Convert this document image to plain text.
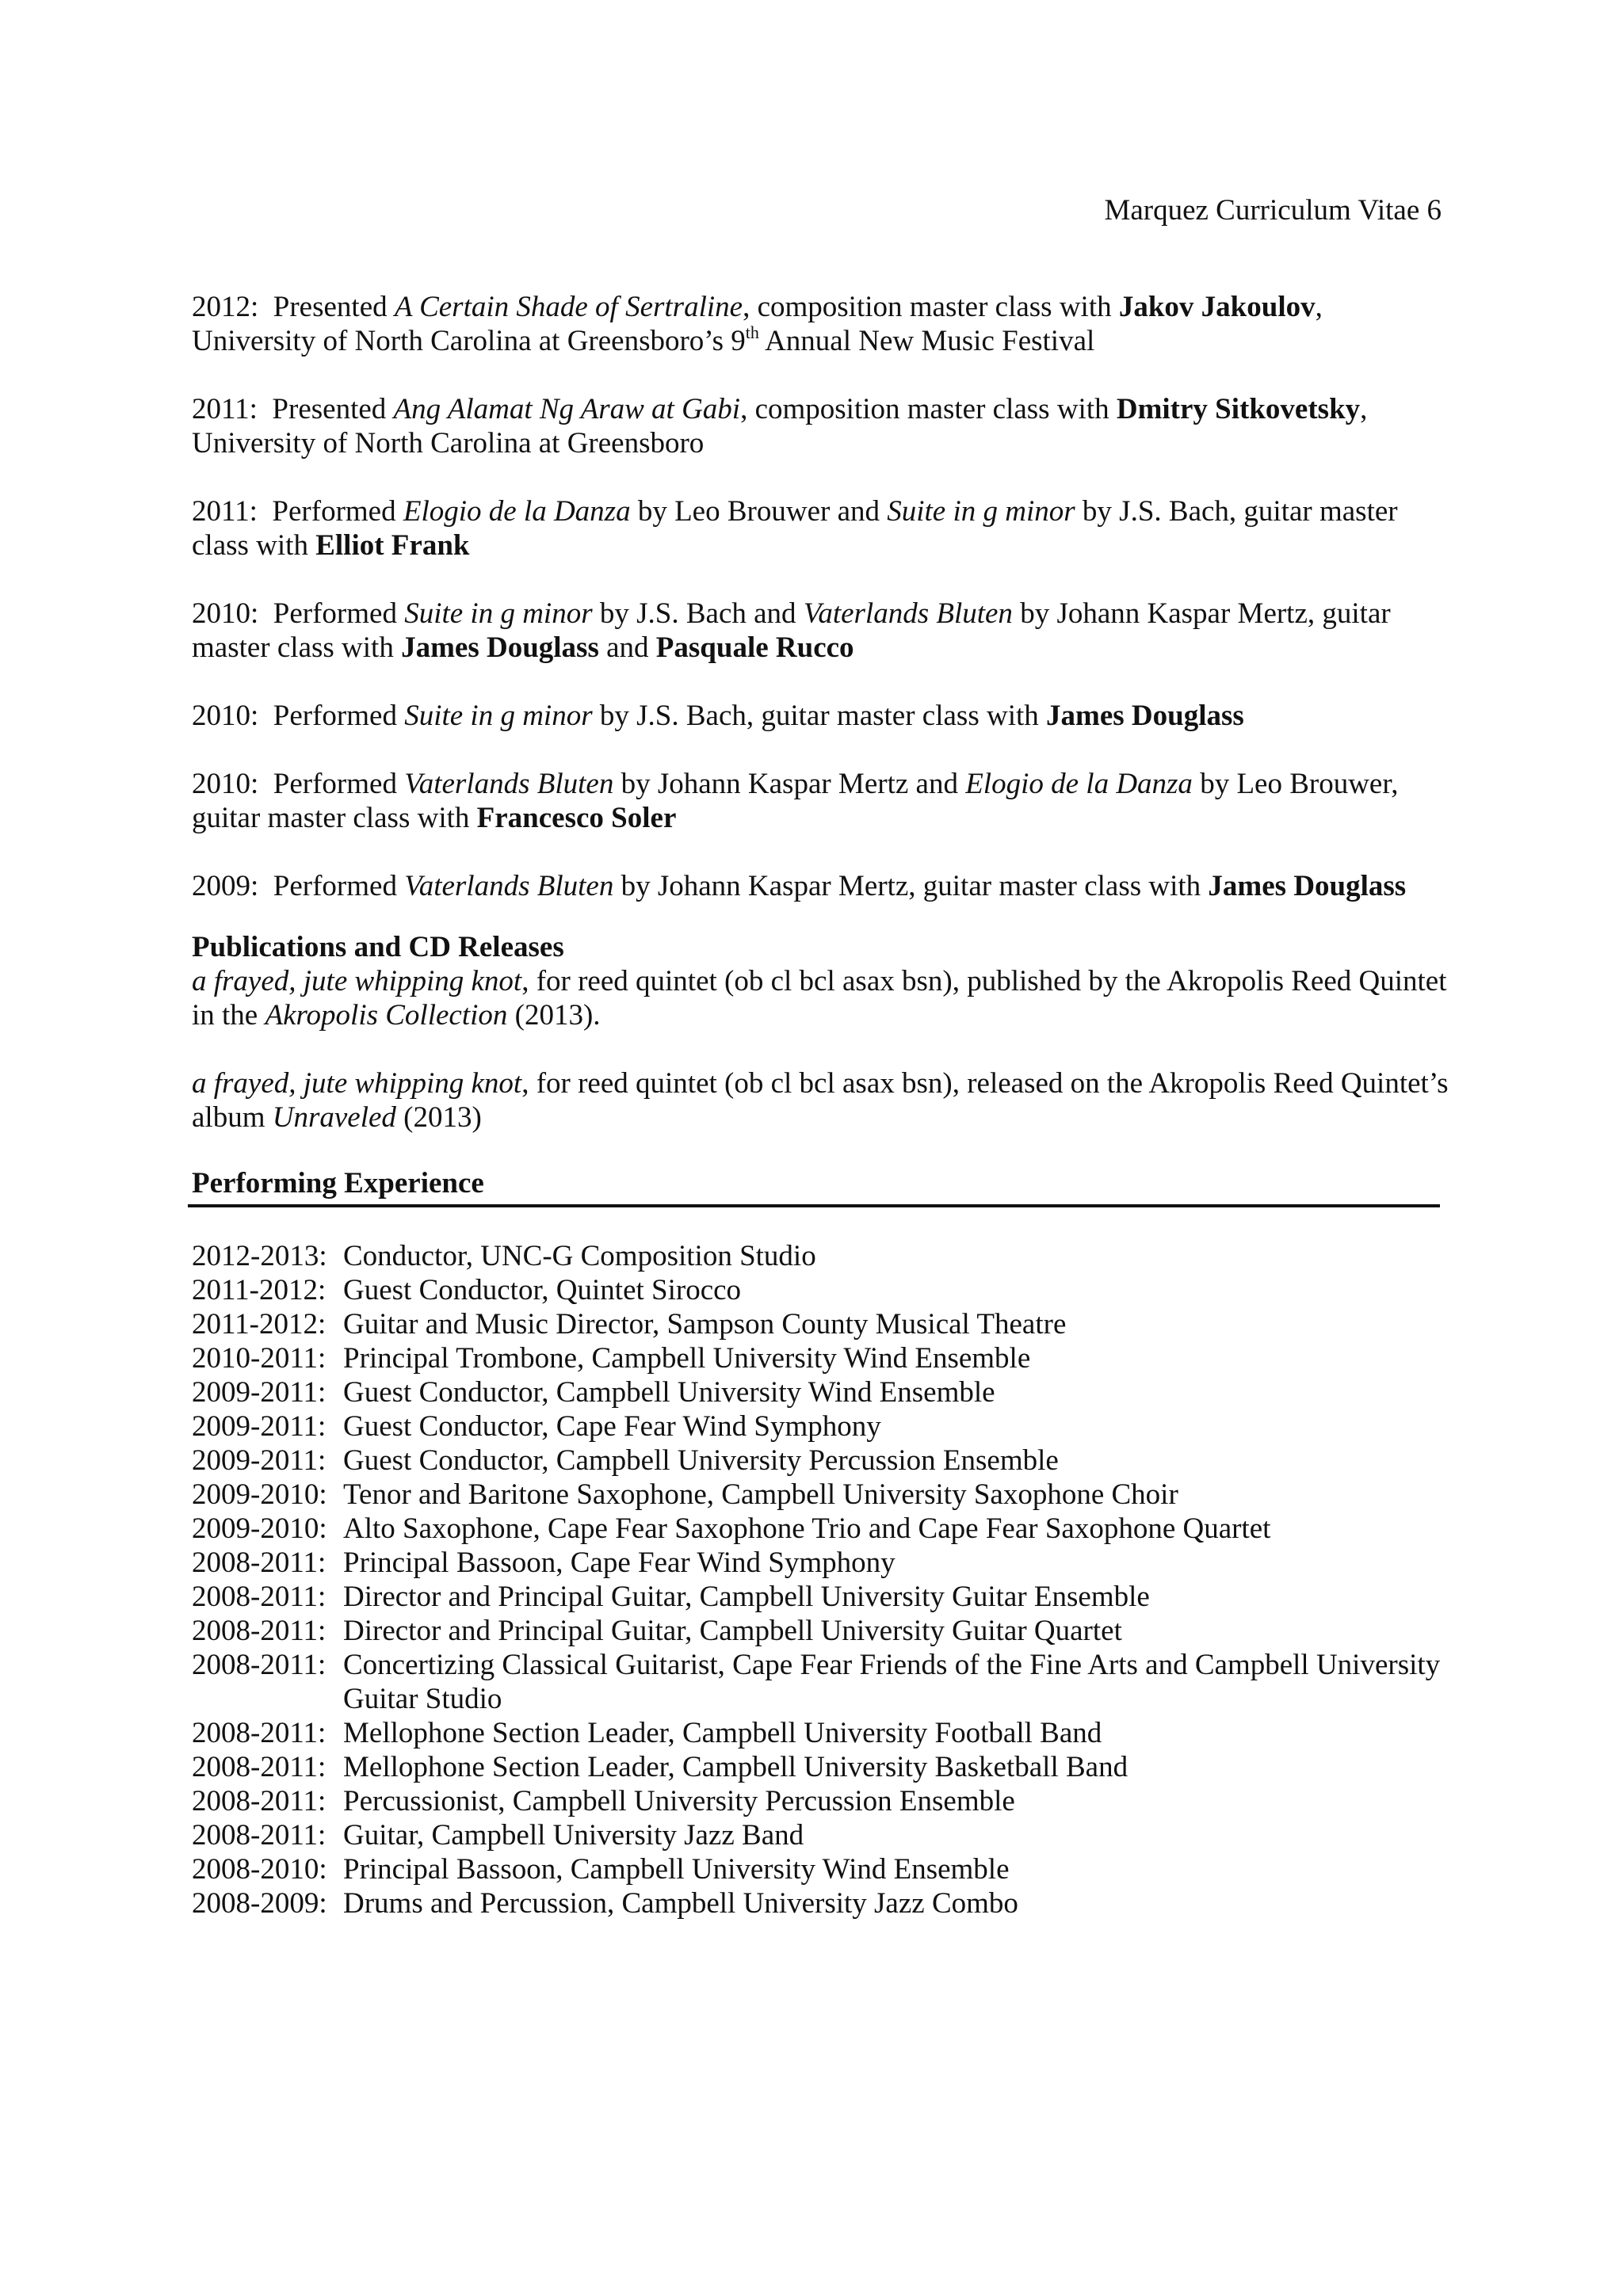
Marquez Curriculum Vitae 6
2012: Presented A Certain Shade of Sertraline, composition master class with Jakov Jakoulov, University of North Carolina at Greensboro’s 9th Annual New Music Festival
2011: Presented Ang Alamat Ng Araw at Gabi, composition master class with Dmitry Sitkovetsky, University of North Carolina at Greensboro
2011: Performed Elogio de la Danza by Leo Brouwer and Suite in g minor by J.S. Bach, guitar master class with Elliot Frank
2010: Performed Suite in g minor by J.S. Bach and Vaterlands Bluten by Johann Kaspar Mertz, guitar master class with James Douglass and Pasquale Rucco
2010: Performed Suite in g minor by J.S. Bach, guitar master class with James Douglass
2010: Performed Vaterlands Bluten by Johann Kaspar Mertz and Elogio de la Danza by Leo Brouwer, guitar master class with Francesco Soler
2009: Performed Vaterlands Bluten by Johann Kaspar Mertz, guitar master class with James Douglass
Publications and CD Releases
a frayed, jute whipping knot, for reed quintet (ob cl bcl asax bsn), published by the Akropolis Reed Quintet in the Akropolis Collection (2013).
a frayed, jute whipping knot, for reed quintet (ob cl bcl asax bsn), released on the Akropolis Reed Quintet’s album Unraveled (2013)
Performing Experience
2012-2013: Conductor, UNC-G Composition Studio
2011-2012: Guest Conductor, Quintet Sirocco
2011-2012: Guitar and Music Director, Sampson County Musical Theatre
2010-2011: Principal Trombone, Campbell University Wind Ensemble
2009-2011: Guest Conductor, Campbell University Wind Ensemble
2009-2011: Guest Conductor, Cape Fear Wind Symphony
2009-2011: Guest Conductor, Campbell University Percussion Ensemble
2009-2010: Tenor and Baritone Saxophone, Campbell University Saxophone Choir
2009-2010: Alto Saxophone, Cape Fear Saxophone Trio and Cape Fear Saxophone Quartet
2008-2011: Principal Bassoon, Cape Fear Wind Symphony
2008-2011: Director and Principal Guitar, Campbell University Guitar Ensemble
2008-2011: Director and Principal Guitar, Campbell University Guitar Quartet
2008-2011: Concertizing Classical Guitarist, Cape Fear Friends of the Fine Arts and Campbell University Guitar Studio
2008-2011: Mellophone Section Leader, Campbell University Football Band
2008-2011: Mellophone Section Leader, Campbell University Basketball Band
2008-2011: Percussionist, Campbell University Percussion Ensemble
2008-2011: Guitar, Campbell University Jazz Band
2008-2010: Principal Bassoon, Campbell University Wind Ensemble
2008-2009: Drums and Percussion, Campbell University Jazz Combo
